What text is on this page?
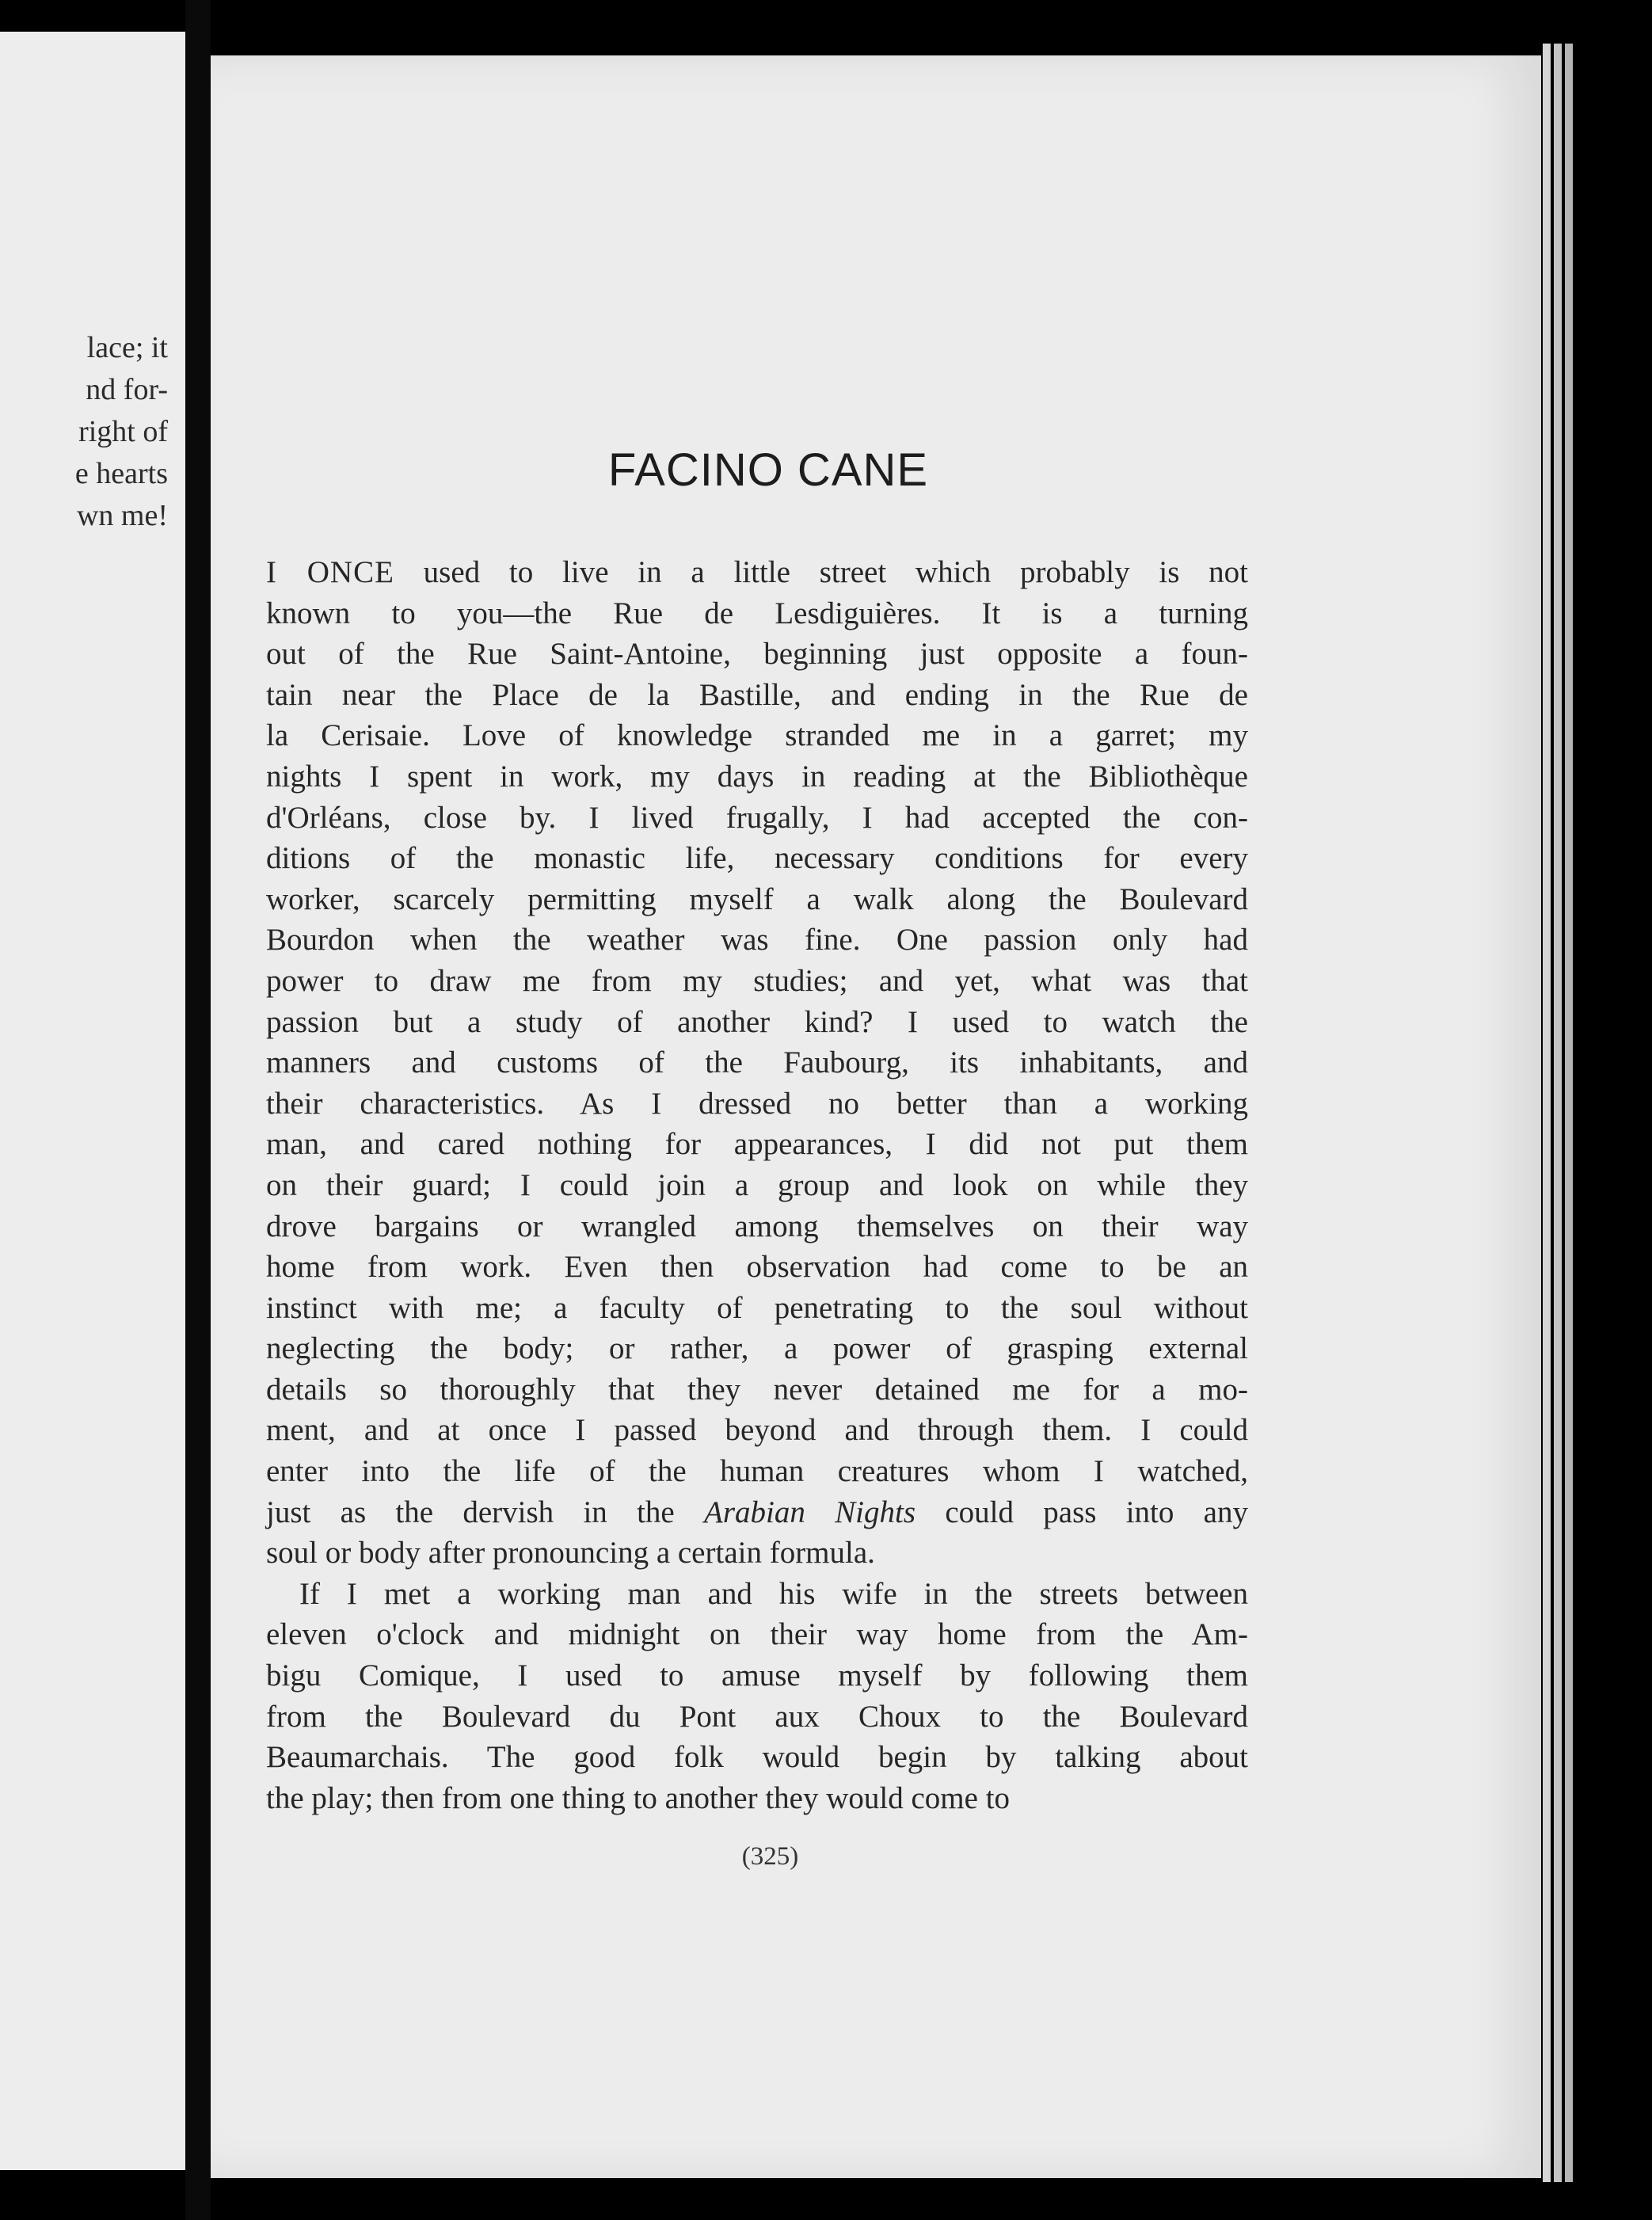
lace; it
nd for-
right of
e hearts
wn me!
FACINO CANE
I ONCE used to live in a little street which probably is not
known to you—the Rue de Lesdiguières. It is a turning
out of the Rue Saint-Antoine, beginning just opposite a foun-
tain near the Place de la Bastille, and ending in the Rue de
la Cerisaie. Love of knowledge stranded me in a garret; my
nights I spent in work, my days in reading at the Bibliothèque
d'Orléans, close by. I lived frugally, I had accepted the con-
ditions of the monastic life, necessary conditions for every
worker, scarcely permitting myself a walk along the Boulevard
Bourdon when the weather was fine. One passion only had
power to draw me from my studies; and yet, what was that
passion but a study of another kind? I used to watch the
manners and customs of the Faubourg, its inhabitants, and
their characteristics. As I dressed no better than a working
man, and cared nothing for appearances, I did not put them
on their guard; I could join a group and look on while they
drove bargains or wrangled among themselves on their way
home from work. Even then observation had come to be an
instinct with me; a faculty of penetrating to the soul without
neglecting the body; or rather, a power of grasping external
details so thoroughly that they never detained me for a mo-
ment, and at once I passed beyond and through them. I could
enter into the life of the human creatures whom I watched,
just as the dervish in the Arabian Nights could pass into any
soul or body after pronouncing a certain formula.
If I met a working man and his wife in the streets between
eleven o'clock and midnight on their way home from the Am-
bigu Comique, I used to amuse myself by following them
from the Boulevard du Pont aux Choux to the Boulevard
Beaumarchais. The good folk would begin by talking about
the play; then from one thing to another they would come to
(325)
